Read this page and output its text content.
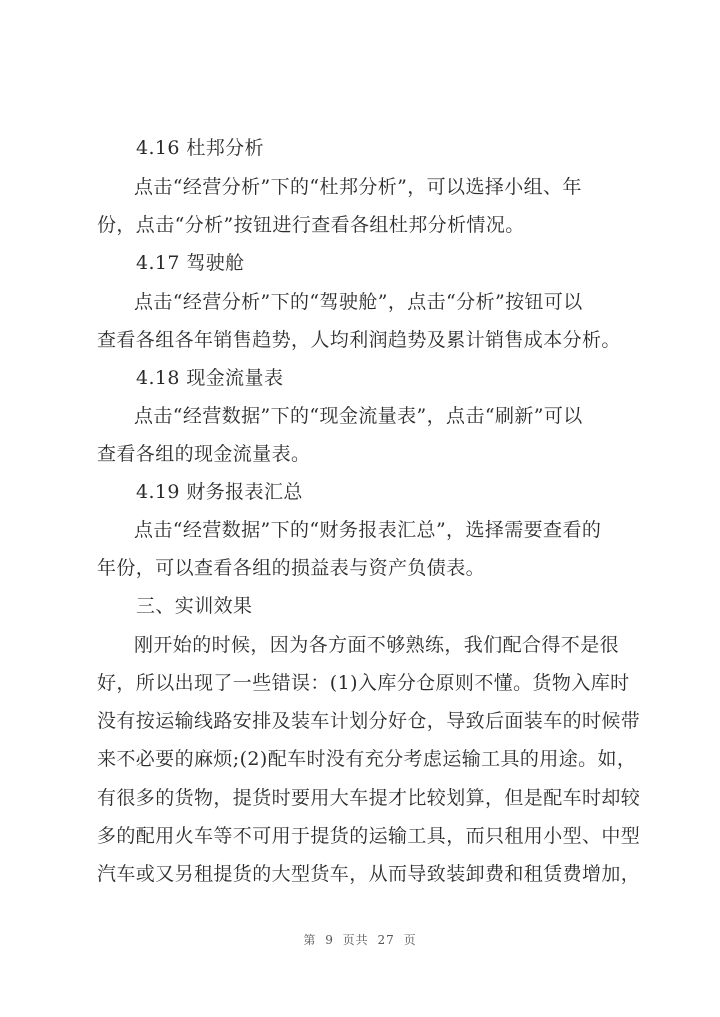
4.16 杜邦分析
点击“经营分析”下的“杜邦分析”，可以选择小组、年
份，点击“分析”按钮进行查看各组杜邦分析情况。
4.17 驾驶舱
点击“经营分析”下的“驾驶舱”，点击“分析”按钮可以
查看各组各年销售趋势，人均利润趋势及累计销售成本分析。
4.18 现金流量表
点击“经营数据”下的“现金流量表”，点击“刷新”可以
查看各组的现金流量表。
4.19 财务报表汇总
点击“经营数据”下的“财务报表汇总”，选择需要查看的
年份，可以查看各组的损益表与资产负债表。
三、实训效果
刚开始的时候，因为各方面不够熟练，我们配合得不是很
好，所以出现了一些错误：(1)入库分仓原则不懂。货物入库时
没有按运输线路安排及装车计划分好仓，导致后面装车的时候带
来不必要的麻烦;(2)配车时没有充分考虑运输工具的用途。如，
有很多的货物，提货时要用大车提才比较划算，但是配车时却较
多的配用火车等不可用于提货的运输工具，而只租用小型、中型
汽车或又另租提货的大型货车，从而导致装卸费和租赁费增加，
第 9 页共 27 页
